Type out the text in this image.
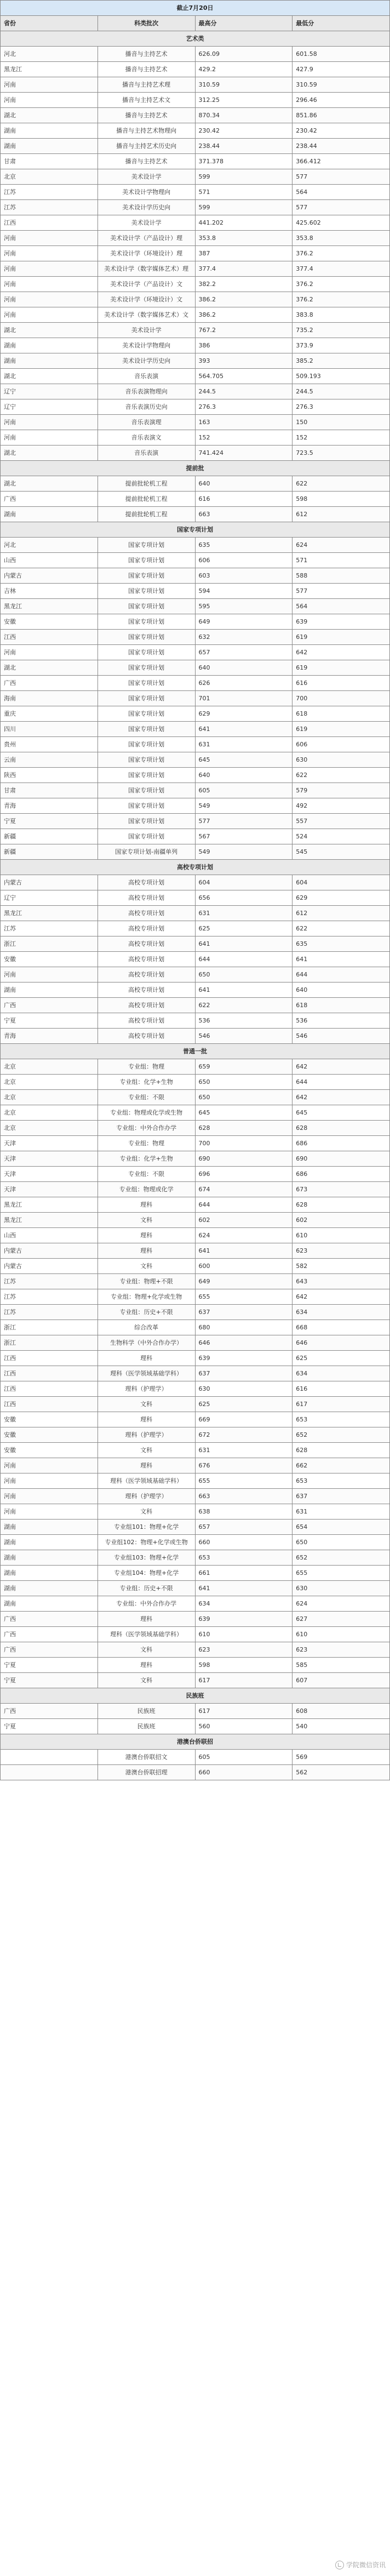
截止7月20日			
省份	科类批次	最高分	最低分
艺术类			
河北	播音与主持艺术	626.09	601.58
黑龙江	播音与主持艺术	429.2	427.9
河南	播音与主持艺术理	310.59	310.59
河南	播音与主持艺术文	312.25	296.46
湖北	播音与主持艺术	870.34	851.86
湖南	播音与主持艺术物理向	230.42	230.42
湖南	播音与主持艺术历史向	238.44	238.44
甘肃	播音与主持艺术	371.378	366.412
北京	美术设计学	599	577
江苏	美术设计学物理向	571	564
江苏	美术设计学历史向	599	577
江西	美术设计学	441.202	425.602
河南	美术设计学（产品设计）理	353.8	353.8
河南	美术设计学（环境设计）理	387	376.2
河南	美术设计学（数字媒体艺术）理	377.4	377.4
河南	美术设计学（产品设计）文	382.2	376.2
河南	美术设计学（环境设计）文	386.2	376.2
河南	美术设计学（数字媒体艺术）文	386.2	383.8
湖北	美术设计学	767.2	735.2
湖南	美术设计学物理向	386	373.9
湖南	美术设计学历史向	393	385.2
湖北	音乐表演	564.705	509.193
辽宁	音乐表演物理向	244.5	244.5
辽宁	音乐表演历史向	276.3	276.3
河南	音乐表演理	163	150
河南	音乐表演文	152	152
湖北	音乐表演	741.424	723.5
提前批			
湖北	提前批轮机工程	640	622
广西	提前批轮机工程	616	598
湖南	提前批轮机工程	663	612
国家专项计划			
河北	国家专项计划	635	624
山西	国家专项计划	606	571
内蒙古	国家专项计划	603	588
吉林	国家专项计划	594	577
黑龙江	国家专项计划	595	564
安徽	国家专项计划	649	639
江西	国家专项计划	632	619
河南	国家专项计划	657	642
湖北	国家专项计划	640	619
广西	国家专项计划	626	616
海南	国家专项计划	701	700
重庆	国家专项计划	629	618
四川	国家专项计划	641	619
贵州	国家专项计划	631	606
云南	国家专项计划	645	630
陕西	国家专项计划	640	622
甘肃	国家专项计划	605	579
青海	国家专项计划	549	492
宁夏	国家专项计划	577	557
新疆	国家专项计划	567	524
新疆	国家专项计划-南疆单列	549	545
高校专项计划			
内蒙古	高校专项计划	604	604
辽宁	高校专项计划	656	629
黑龙江	高校专项计划	631	612
江苏	高校专项计划	625	622
浙江	高校专项计划	641	635
安徽	高校专项计划	644	641
河南	高校专项计划	650	644
湖南	高校专项计划	641	640
广西	高校专项计划	622	618
宁夏	高校专项计划	536	536
青海	高校专项计划	546	546
普通一批			
北京	专业组：物理	659	642
北京	专业组：化学+生物	650	644
北京	专业组：不限	650	642
北京	专业组：物理或化学或生物	645	645
北京	专业组：中外合作办学	628	628
天津	专业组：物理	700	686
天津	专业组：化学+生物	690	690
天津	专业组：不限	696	686
天津	专业组：物理或化学	674	673
黑龙江	理科	644	628
黑龙江	文科	602	602
山西	理科	624	610
内蒙古	理科	641	623
内蒙古	文科	600	582
江苏	专业组：物理+不限	649	643
江苏	专业组：物理+化学或生物	655	642
江苏	专业组：历史+不限	637	634
浙江	综合改革	680	668
浙江	生物科学（中外合作办学）	646	646
江西	理科	639	625
江西	理科（医学领域基础学科）	637	634
江西	理科（护理学）	630	616
江西	文科	625	617
安徽	理科	669	653
安徽	理科（护理学）	672	652
安徽	文科	631	628
河南	理科	676	662
河南	理科（医学领域基础学科）	655	653
河南	理科（护理学）	663	637
河南	文科	638	631
湖南	专业组101：物理+化学	657	654
湖南	专业组102：物理+化学或生物	660	650
湖南	专业组103：物理+化学	653	652
湖南	专业组104：物理+化学	661	655
湖南	专业组：历史+不限	641	630
湖南	专业组：中外合作办学	634	624
广西	理科	639	627
广西	理科（医学领域基础学科）	610	610
广西	文科	623	623
宁夏	理科	598	585
宁夏	文科	617	607
民族班			
广西	民族班	617	608
宁夏	民族班	560	540
港澳台侨联招			
	港澳台侨联招文	605	569
	港澳台侨联招理	660	562
学院微信资讯
